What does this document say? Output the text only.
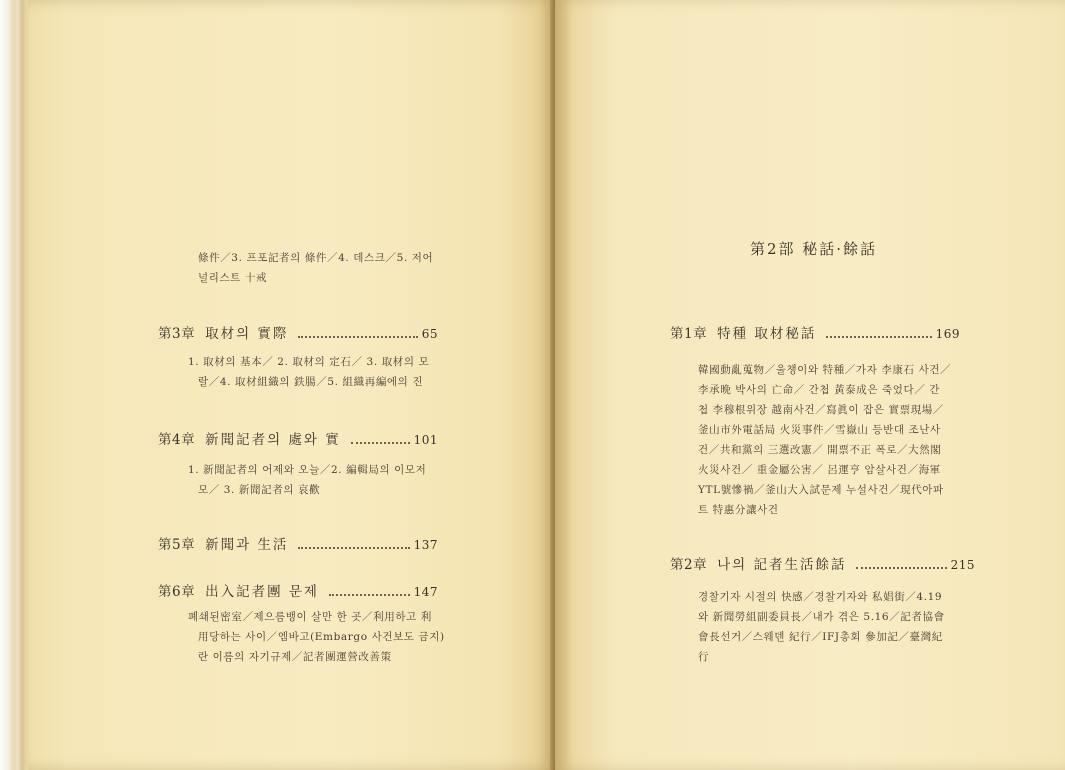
條件／3. 프포記者의 條件／4. 데스크／5. 저어
널리스트 十戒
第3章 取材의 實際	65
1. 取材의 基本／ 2. 取材의 定石／ 3. 取材의 모
랄／4. 取材組織의 鉄腸／5. 組織再編에의 진
第4章 新聞記者의 處와 實	101
1. 新聞記者의 어제와 오늘／2. 編輯局의 이모저
모／ 3. 新聞記者의 哀歡
第5章 新聞과 生活	137
第6章 出入記者團 문제	147
폐쇄된密室／제으름뱅이 살만 한 곳／利用하고 利
用당하는 사이／엠바고(Embargo 사건보도 금지)
란 이름의 자기규제／記者團運營改善策
第2部 秘話·餘話
第1章 特種 取材秘話	169
韓國動亂蒐物／울챙이와 特種／가자 李康石 사건／
李承晩 박사의 亡命／ 간첩 黃泰成은 죽었다／ 간
첩 李穆根위장 越南사건／寫眞이 잡은 實票現場／
釜山市外電話局 火災事件／雪嶽山 등반대 조난사
건／共和黨의 三選改憲／ 開票不正 폭로／大然閣
火災사건／ 重金屬公害／ 呂運亨 암살사건／海軍
YTL號慘禍／釜山大入試문제 누설사건／現代아파
트 特惠分讓사건
第2章 나의 記者生活餘話	215
경찰기자 시절의 快感／경찰기자와 私娼街／4.19
와 新聞勞組副委員長／내가 겪은 5.16／記者協會
會長선거／스웨덴 紀行／IFJ총회 參加記／臺灣紀
行
